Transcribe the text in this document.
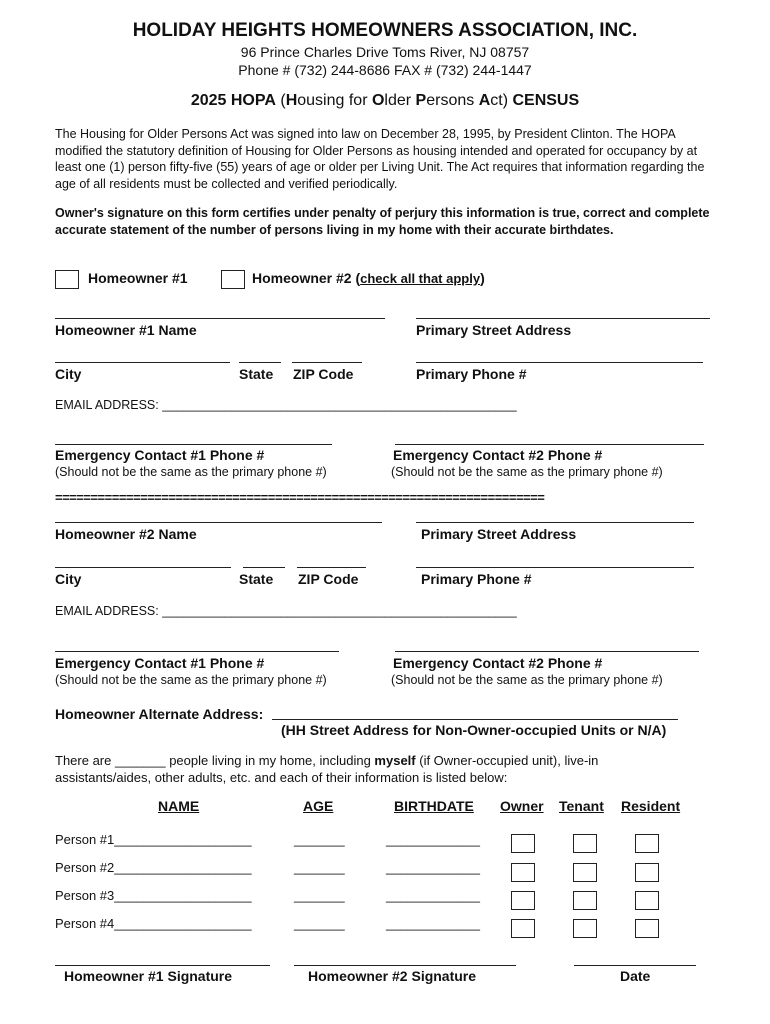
HOLIDAY HEIGHTS HOMEOWNERS ASSOCIATION, INC.
96 Prince Charles Drive Toms River, NJ 08757
Phone # (732) 244-8686 FAX # (732) 244-1447
2025 HOPA (Housing for Older Persons Act) CENSUS
The Housing for Older Persons Act was signed into law on December 28, 1995, by President Clinton. The HOPA modified the statutory definition of Housing for Older Persons as housing intended and operated for occupancy by at least one (1) person fifty-five (55) years of age or older per Living Unit. The Act requires that information regarding the age of all residents must be collected and verified periodically.
Owner's signature on this form certifies under penalty of perjury this information is true, correct and complete accurate statement of the number of persons living in my home with their accurate birthdates.
Homeowner #1	Homeowner #2 (check all that apply)
Homeowner #1 Name	Primary Street Address
City	State ZIP Code	Primary Phone #
EMAIL ADDRESS: ___________________________________________________
Emergency Contact #1 Phone #	Emergency Contact #2 Phone #
(Should not be the same as the primary phone #)	(Should not be the same as the primary phone #)
=====================================================================
Homeowner #2 Name	Primary Street Address
City	State ZIP Code	Primary Phone #
EMAIL ADDRESS: ___________________________________________________
Emergency Contact #1 Phone #	Emergency Contact #2 Phone #
(Should not be the same as the primary phone #)	(Should not be the same as the primary phone #)
Homeowner Alternate Address:
(HH Street Address for Non-Owner-occupied Units or N/A)
There are _______ people living in my home, including myself (if Owner-occupied unit), live-in
assistants/aides, other adults, etc. and each of their information is listed below:
NAME	AGE	BIRTHDATE Owner Tenant Resident
Person #1___________________	_______	_____________
Person #2___________________	_______	_____________
Person #3___________________	_______	_____________
Person #4___________________	_______	_____________
Homeowner #1 Signature	Homeowner #2 Signature	Date
